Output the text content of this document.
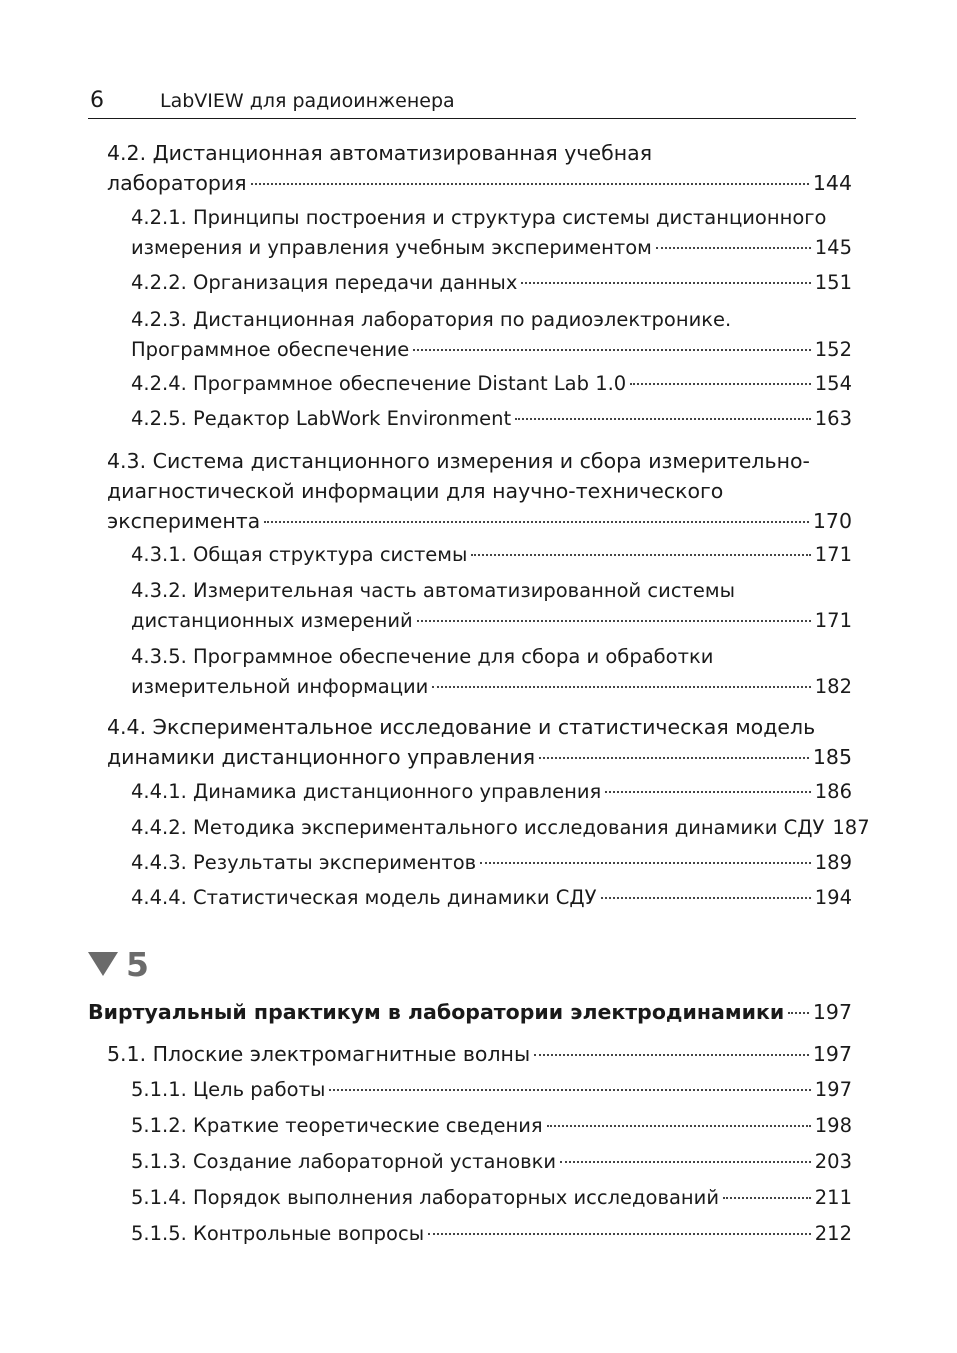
6	LabVIEW для радиоинженера
4.2. Дистанционная автоматизированная учебная
лаборатория	144
4.2.1. Принципы построения и структура системы дистанционного
измерения и управления учебным экспериментом	145
4.2.2. Организация передачи данных	151
4.2.3. Дистанционная лаборатория по радиоэлектронике.
Программное обеспечение	152
4.2.4. Программное обеспечение Distant Lab 1.0	154
4.2.5. Редактор LabWork Environment	163
4.3. Система дистанционного измерения и сбора измерительно-
диагностической информации для научно-технического
эксперимента	170
4.3.1. Общая структура системы	171
4.3.2. Измерительная часть автоматизированной системы
дистанционных измерений	171
4.3.5. Программное обеспечение для сбора и обработки
измерительной информации	182
4.4. Экспериментальное исследование и статистическая модель
динамики дистанционного управления	185
4.4.1. Динамика дистанционного управления	186
4.4.2. Методика экспериментального исследования динамики СДУ 187
4.4.3. Результаты экспериментов	189
4.4.4. Статистическая модель динамики СДУ	194
5
Виртуальный практикум в лаборатории электродинамики 197
5.1. Плоские электромагнитные волны	197
5.1.1. Цель работы	197
5.1.2. Краткие теоретические сведения	198
5.1.3. Создание лабораторной установки	203
5.1.4. Порядок выполнения лабораторных исследований	211
5.1.5. Контрольные вопросы	212
